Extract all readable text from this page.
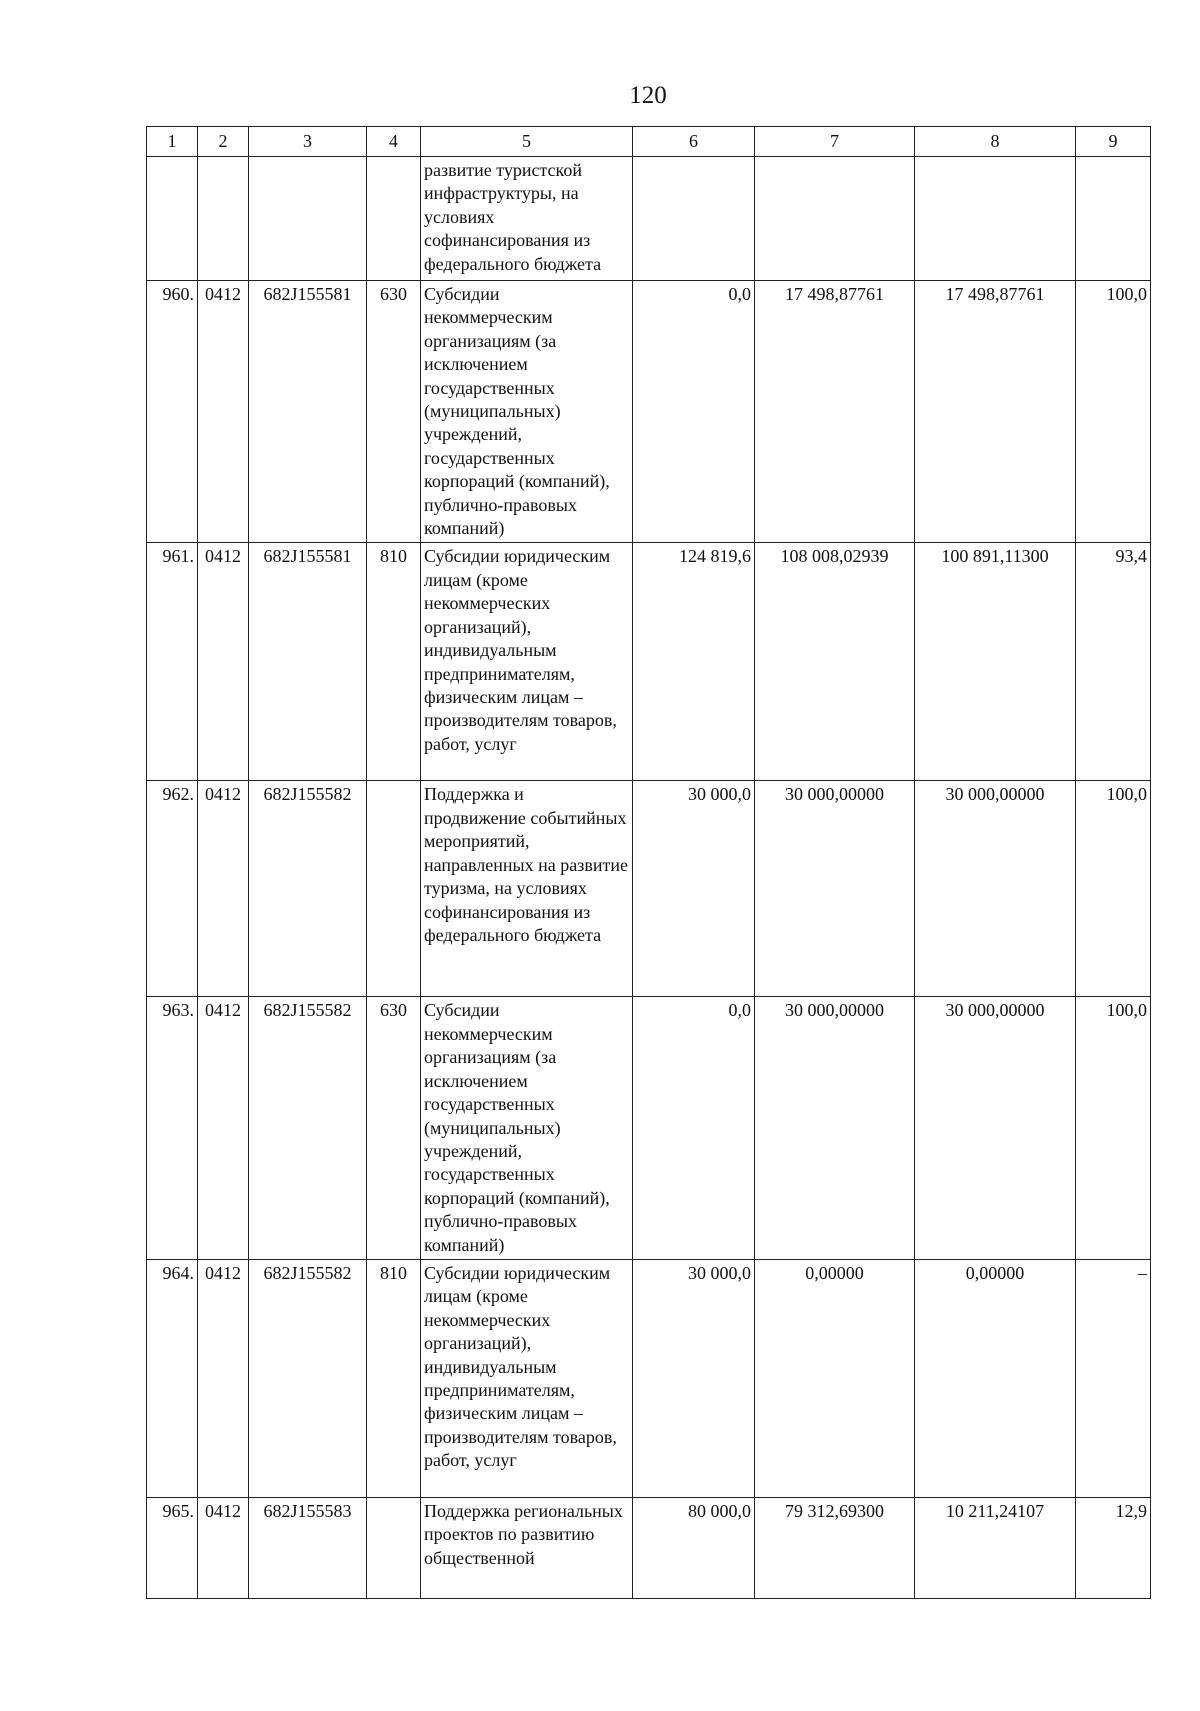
120
1	2	3	4	5	6	7	8	9
				развитие туристской инфраструктуры, на условиях софинансирования из федерального бюджета				
960.	0412	682J155581	630	Субсидии некоммерческим организациям (за исключением государственных (муниципальных) учреждений, государственных корпораций (компаний), публично-правовых компаний)	0,0	17 498,87761	17 498,87761	100,0
961.	0412	682J155581	810	Субсидии юридическим лицам (кроме некоммерческих организаций), индивидуальным предпринимателям, физическим лицам – производителям товаров, работ, услуг	124 819,6	108 008,02939	100 891,11300	93,4
962.	0412	682J155582		Поддержка и продвижение событийных мероприятий, направленных на развитие туризма, на условиях софинансирования из федерального бюджета	30 000,0	30 000,00000	30 000,00000	100,0
963.	0412	682J155582	630	Субсидии некоммерческим организациям (за исключением государственных (муниципальных) учреждений, государственных корпораций (компаний), публично-правовых компаний)	0,0	30 000,00000	30 000,00000	100,0
964.	0412	682J155582	810	Субсидии юридическим лицам (кроме некоммерческих организаций), индивидуальным предпринимателям, физическим лицам – производителям товаров, работ, услуг	30 000,0	0,00000	0,00000	–
965.	0412	682J155583		Поддержка региональных проектов по развитию общественной	80 000,0	79 312,69300	10 211,24107	12,9
